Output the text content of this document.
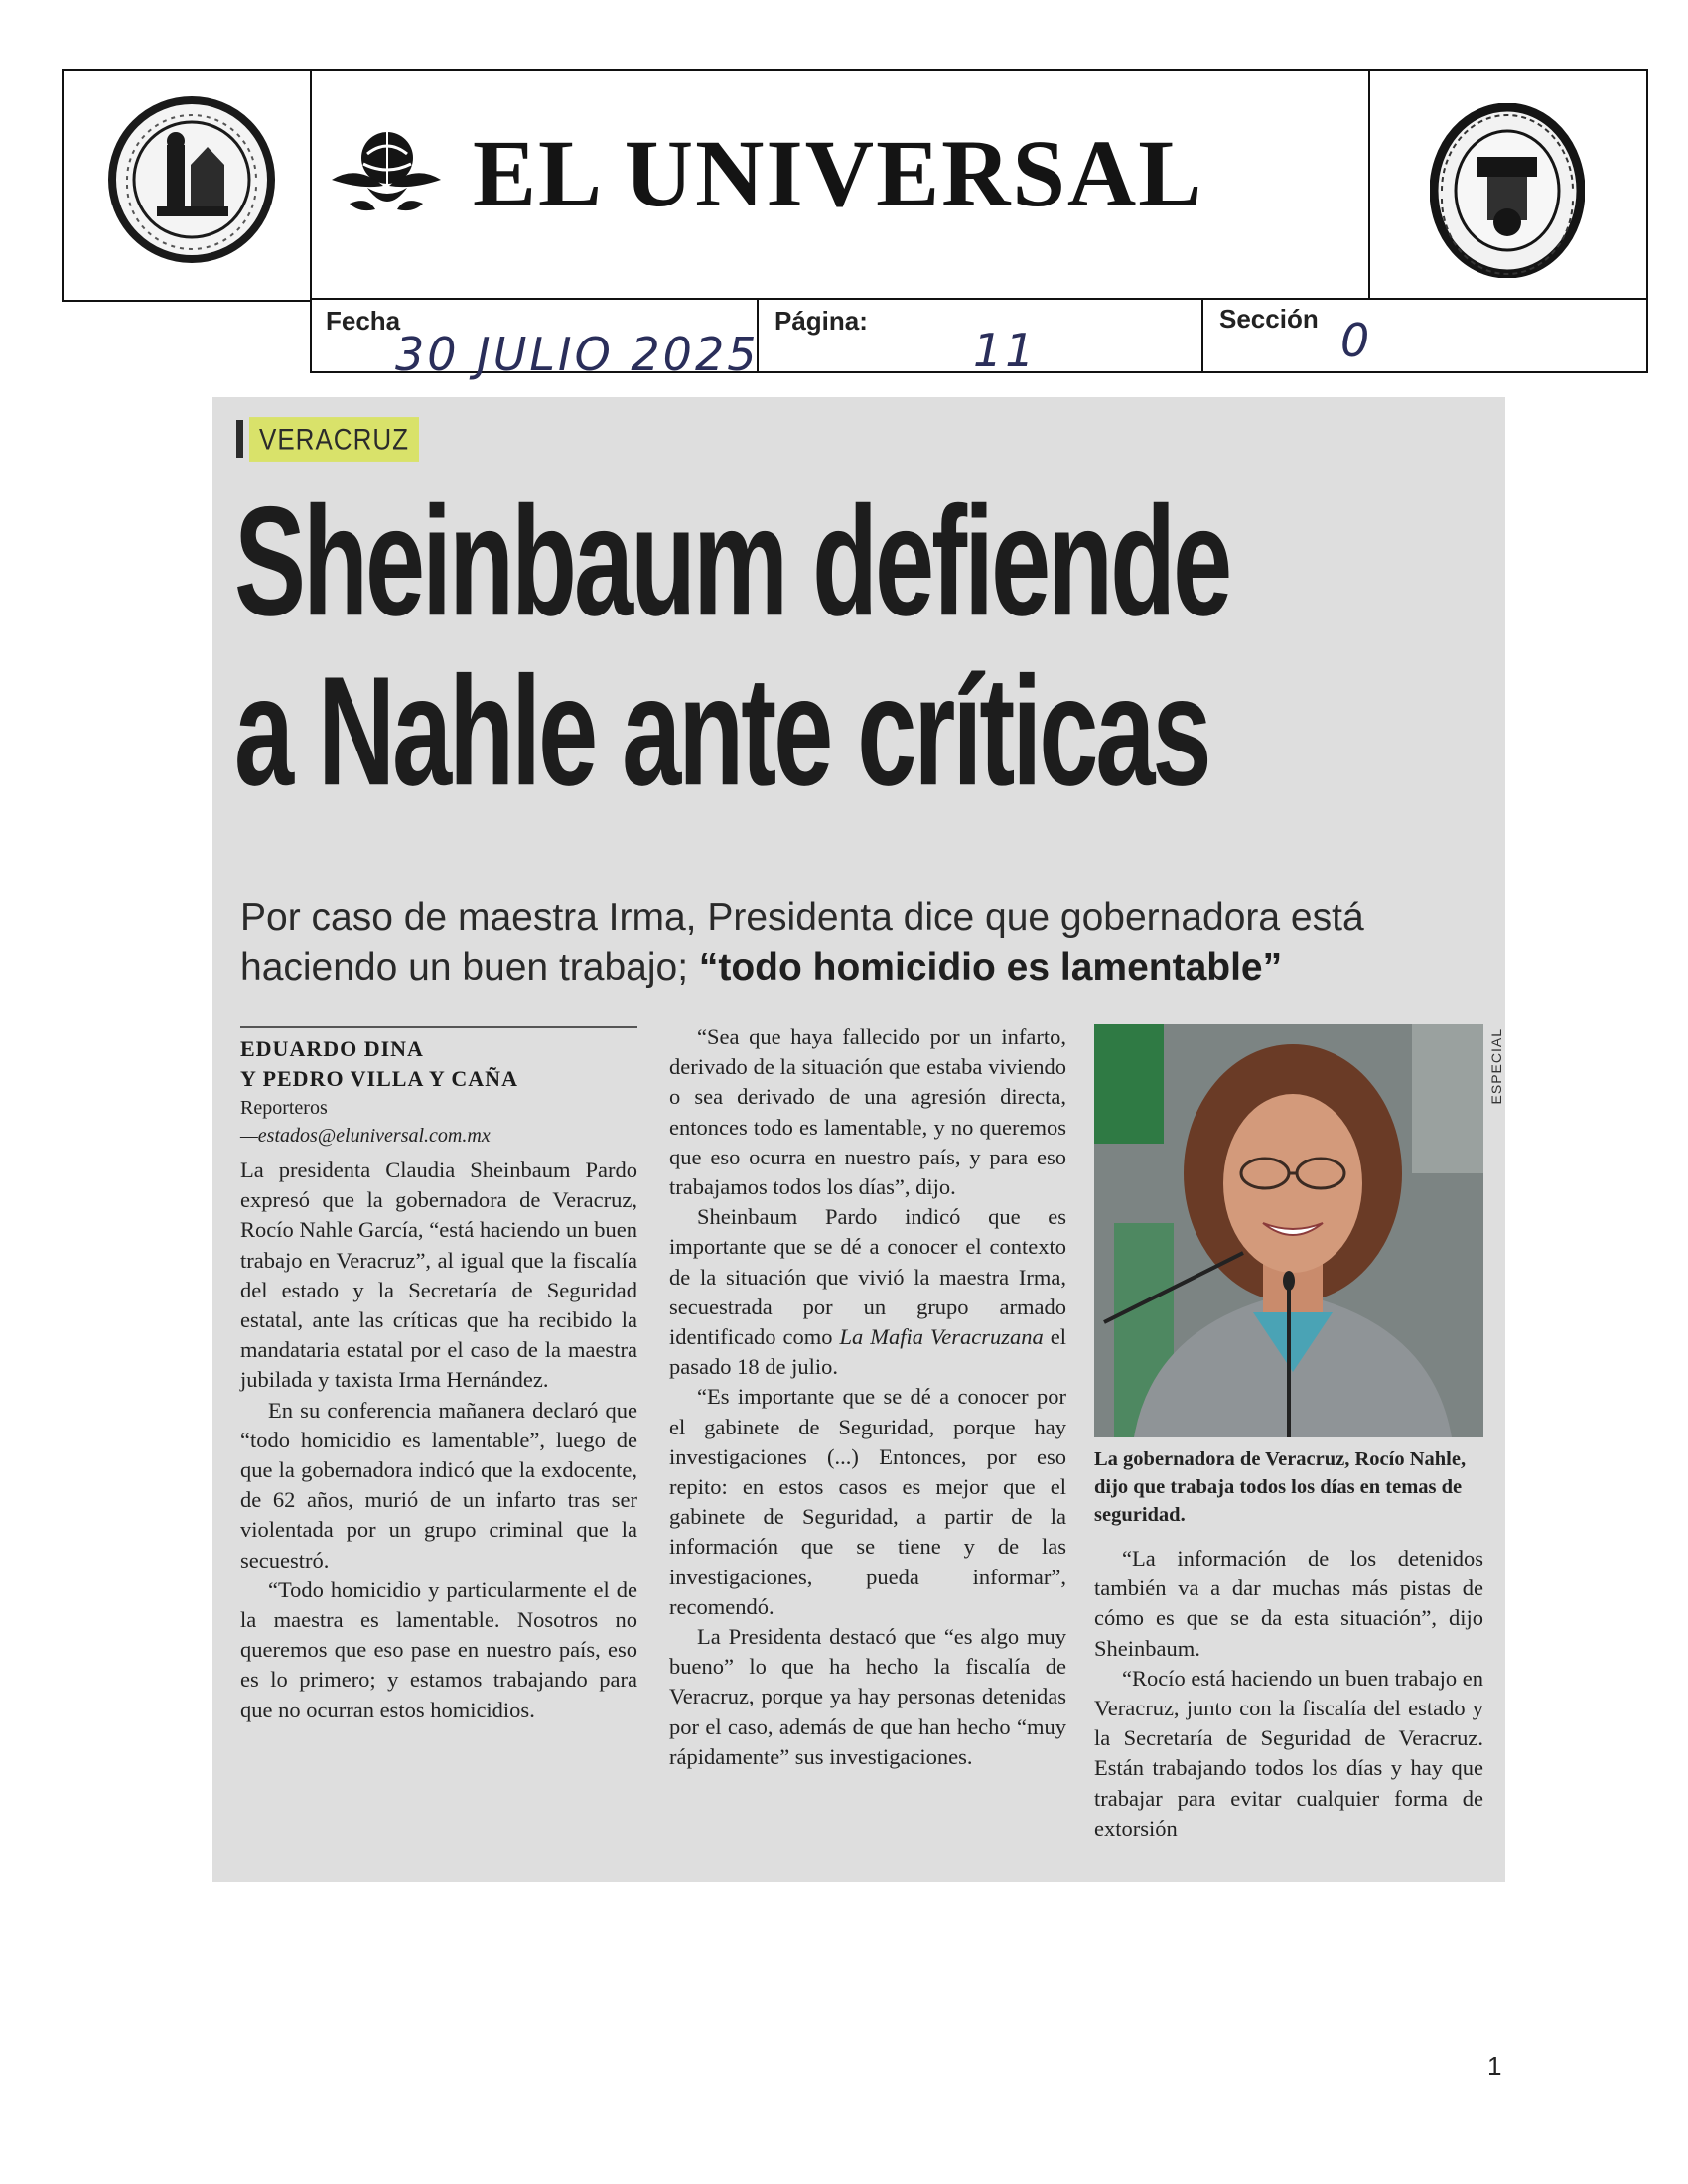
EL UNIVERSAL
Fecha
30 JULIO 2025
Página:
11
Sección 0
VERACRUZ
Sheinbaum defiende
a Nahle ante críticas
Por caso de maestra Irma, Presidenta dice que gobernadora está haciendo un buen trabajo; “todo homicidio es lamentable”
EDUARDO DINA
Y PEDRO VILLA Y CAÑA
Reporteros
—estados@eluniversal.com.mx

La presidenta Claudia Sheinbaum Pardo expresó que la gobernadora de Veracruz, Rocío Nahle García, “está haciendo un buen trabajo en Veracruz”, al igual que la fiscalía del estado y la Secretaría de Seguridad estatal, ante las críticas que ha recibido la mandataria estatal por el caso de la maestra jubilada y taxista Irma Hernández.

En su conferencia mañanera declaró que “todo homicidio es lamentable”, luego de que la gobernadora indicó que la exdocente, de 62 años, murió de un infarto tras ser violentada por un grupo criminal que la secuestró.

“Todo homicidio y particularmente el de la maestra es lamentable. Nosotros no queremos que eso pase en nuestro país, eso es lo primero; y estamos trabajando para que no ocurran estos homicidios.

“Sea que haya fallecido por un infarto, derivado de la situación que estaba viviendo o sea derivado de una agresión directa, entonces todo es lamentable, y no queremos que eso ocurra en nuestro país, y para eso trabajamos todos los días”, dijo.

Sheinbaum Pardo indicó que es importante que se dé a conocer el contexto de la situación que vivió la maestra Irma, secuestrada por un grupo armado identificado como La Mafia Veracruzana el pasado 18 de julio.

“Es importante que se dé a conocer por el gabinete de Seguridad, porque hay investigaciones (...) Entonces, por eso repito: en estos casos es mejor que el gabinete de Seguridad, a partir de la información que se tiene y de las investigaciones, pueda informar”, recomendó.

La Presidenta destacó que “es algo muy bueno” lo que ha hecho la fiscalía de Veracruz, porque ya hay personas detenidas por el caso, además de que han hecho “muy rápidamente” sus investigaciones.

ESPECIAL
La gobernadora de Veracruz, Rocío Nahle, dijo que trabaja todos los días en temas de seguridad.

“La información de los detenidos también va a dar muchas más pistas de cómo es que se da esta situación”, dijo Sheinbaum.

“Rocío está haciendo un buen trabajo en Veracruz, junto con la fiscalía del estado y la Secretaría de Seguridad de Veracruz. Están trabajando todos los días y hay que trabajar para evitar cualquier forma de extorsión

1
